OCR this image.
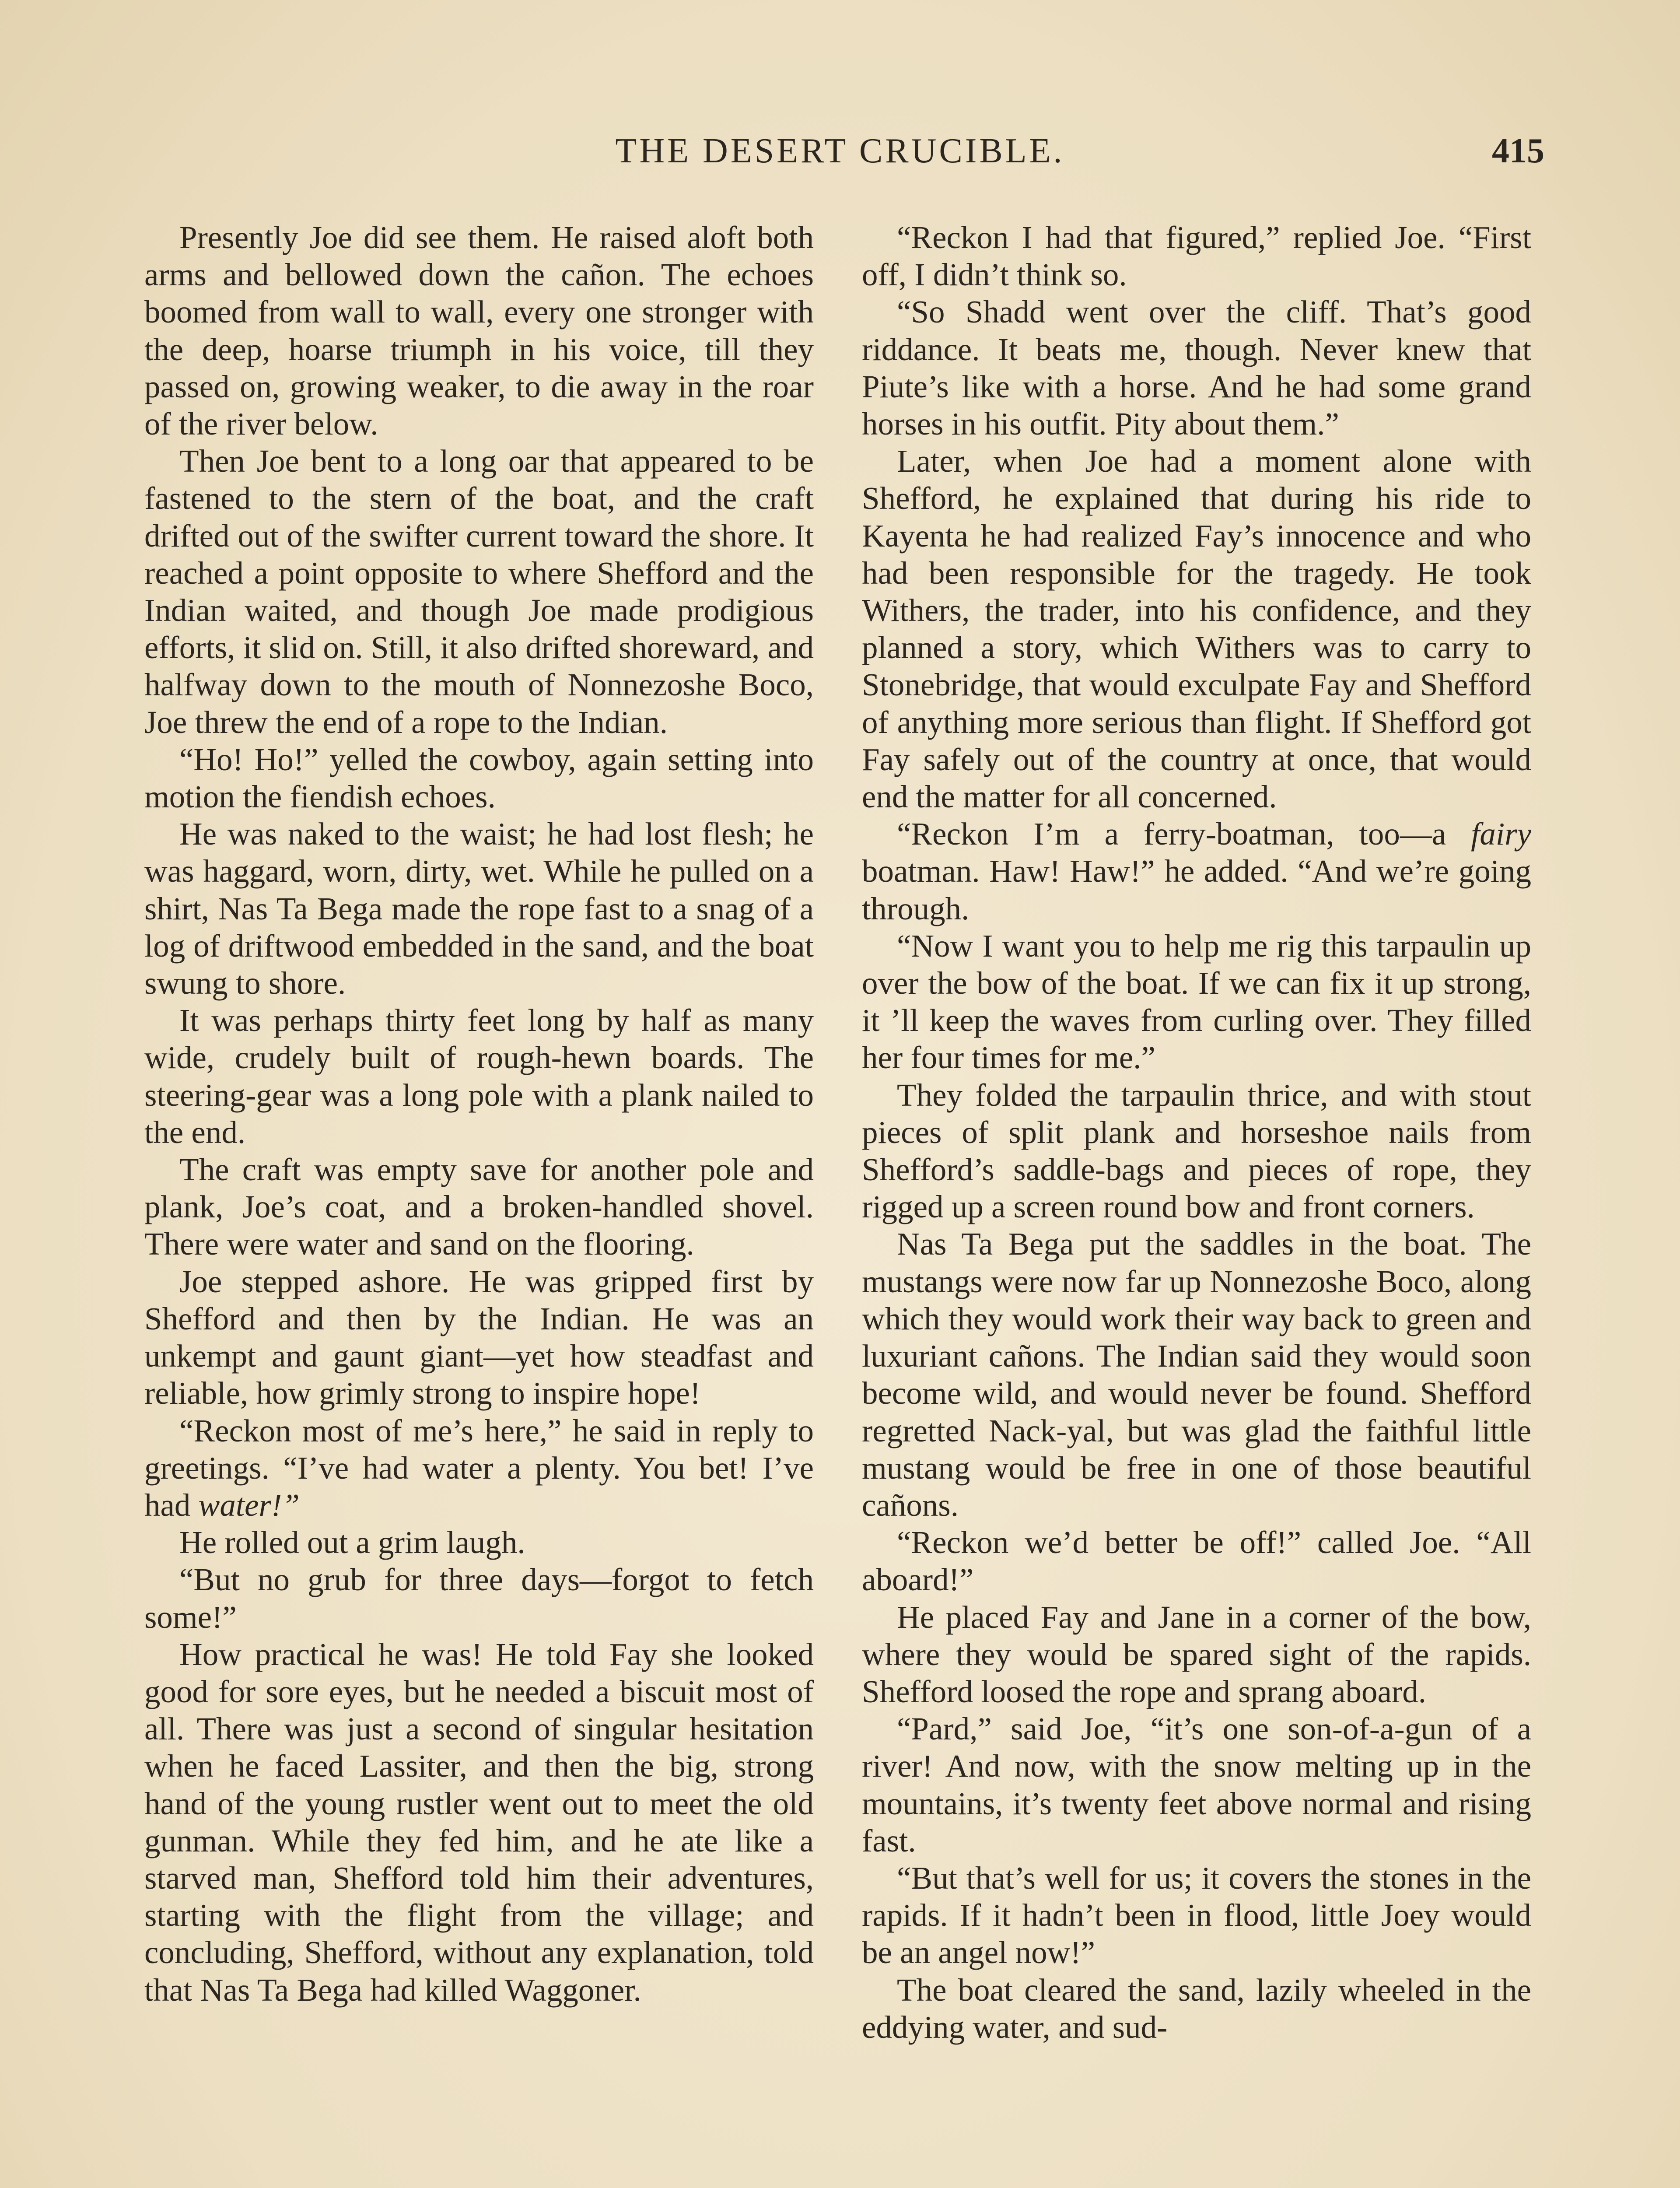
THE DESERT CRUCIBLE.	415

Presently Joe did see them. He raised aloft both arms and bellowed down the cañon. The echoes boomed from wall to wall, every one stronger with the deep, hoarse triumph in his voice, till they passed on, growing weaker, to die away in the roar of the river below.

Then Joe bent to a long oar that appeared to be fastened to the stern of the boat, and the craft drifted out of the swifter current toward the shore. It reached a point opposite to where Shefford and the Indian waited, and though Joe made prodigious efforts, it slid on. Still, it also drifted shoreward, and halfway down to the mouth of Nonnezoshe Boco, Joe threw the end of a rope to the Indian.

“Ho! Ho!” yelled the cowboy, again setting into motion the fiendish echoes.

He was naked to the waist; he had lost flesh; he was haggard, worn, dirty, wet. While he pulled on a shirt, Nas Ta Bega made the rope fast to a snag of a log of driftwood embedded in the sand, and the boat swung to shore.

It was perhaps thirty feet long by half as many wide, crudely built of rough-hewn boards. The steering-gear was a long pole with a plank nailed to the end.

The craft was empty save for another pole and plank, Joe’s coat, and a broken-handled shovel. There were water and sand on the flooring.

Joe stepped ashore. He was gripped first by Shefford and then by the Indian. He was an unkempt and gaunt giant—yet how steadfast and reliable, how grimly strong to inspire hope!

“Reckon most of me’s here,” he said in reply to greetings. “I’ve had water a plenty. You bet! I’ve had water!”

He rolled out a grim laugh.

“But no grub for three days—forgot to fetch some!”

How practical he was! He told Fay she looked good for sore eyes, but he needed a biscuit most of all. There was just a second of singular hesitation when he faced Lassiter, and then the big, strong hand of the young rustler went out to meet the old gunman. While they fed him, and he ate like a starved man, Shefford told him their adventures, starting with the flight from the village; and concluding, Shefford, without any explanation, told that Nas Ta Bega had killed Waggoner.

“Reckon I had that figured,” replied Joe. “First off, I didn’t think so.

“So Shadd went over the cliff. That’s good riddance. It beats me, though. Never knew that Piute’s like with a horse. And he had some grand horses in his outfit. Pity about them.”

Later, when Joe had a moment alone with Shefford, he explained that during his ride to Kayenta he had realized Fay’s innocence and who had been responsible for the tragedy. He took Withers, the trader, into his confidence, and they planned a story, which Withers was to carry to Stonebridge, that would exculpate Fay and Shefford of anything more serious than flight. If Shefford got Fay safely out of the country at once, that would end the matter for all concerned.

“Reckon I’m a ferry-boatman, too—a fairy boatman. Haw! Haw!” he added. “And we’re going through.

“Now I want you to help me rig this tarpaulin up over the bow of the boat. If we can fix it up strong, it ’ll keep the waves from curling over. They filled her four times for me.”

They folded the tarpaulin thrice, and with stout pieces of split plank and horseshoe nails from Shefford’s saddle-bags and pieces of rope, they rigged up a screen round bow and front corners.

Nas Ta Bega put the saddles in the boat. The mustangs were now far up Nonnezoshe Boco, along which they would work their way back to green and luxuriant cañons. The Indian said they would soon become wild, and would never be found. Shefford regretted Nack-yal, but was glad the faithful little mustang would be free in one of those beautiful cañons.

“Reckon we’d better be off!” called Joe. “All aboard!”

He placed Fay and Jane in a corner of the bow, where they would be spared sight of the rapids. Shefford loosed the rope and sprang aboard.

“Pard,” said Joe, “it’s one son-of-a-gun of a river! And now, with the snow melting up in the mountains, it’s twenty feet above normal and rising fast.

“But that’s well for us; it covers the stones in the rapids. If it hadn’t been in flood, little Joey would be an angel now!”

The boat cleared the sand, lazily wheeled in the eddying water, and sud-
